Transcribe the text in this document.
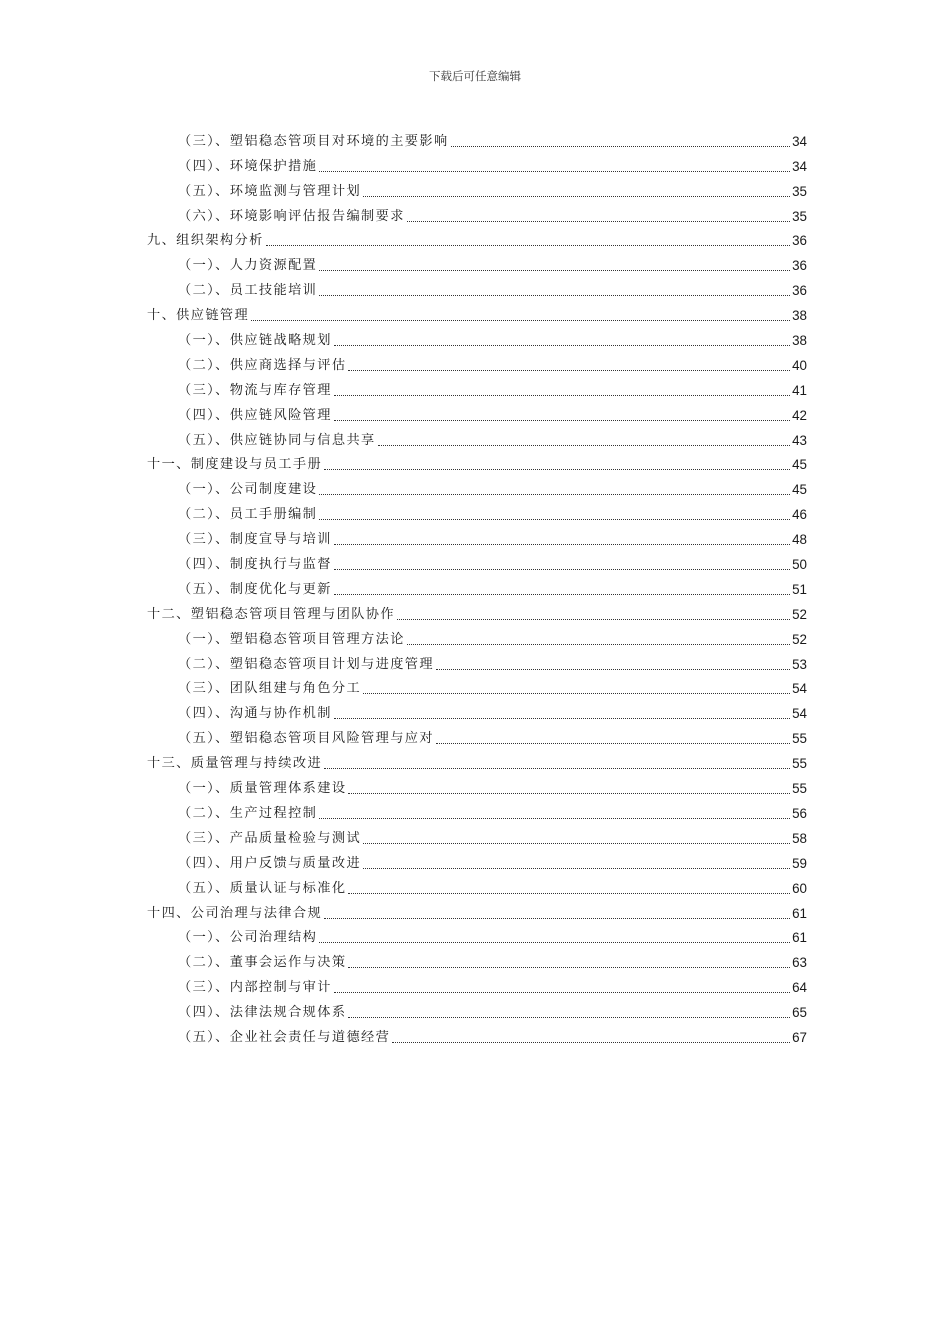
下载后可任意编辑
（三）、塑铝稳态管项目对环境的主要影响	34
（四）、环境保护措施	34
（五）、环境监测与管理计划	35
（六）、环境影响评估报告编制要求	35
九、组织架构分析	36
（一）、人力资源配置	36
（二）、员工技能培训	36
十、供应链管理	38
（一）、供应链战略规划	38
（二）、供应商选择与评估	40
（三）、物流与库存管理	41
（四）、供应链风险管理	42
（五）、供应链协同与信息共享	43
十一、制度建设与员工手册	45
（一）、公司制度建设	45
（二）、员工手册编制	46
（三）、制度宣导与培训	48
（四）、制度执行与监督	50
（五）、制度优化与更新	51
十二、塑铝稳态管项目管理与团队协作	52
（一）、塑铝稳态管项目管理方法论	52
（二）、塑铝稳态管项目计划与进度管理	53
（三）、团队组建与角色分工	54
（四）、沟通与协作机制	54
（五）、塑铝稳态管项目风险管理与应对	55
十三、质量管理与持续改进	55
（一）、质量管理体系建设	55
（二）、生产过程控制	56
（三）、产品质量检验与测试	58
（四）、用户反馈与质量改进	59
（五）、质量认证与标准化	60
十四、公司治理与法律合规	61
（一）、公司治理结构	61
（二）、董事会运作与决策	63
（三）、内部控制与审计	64
（四）、法律法规合规体系	65
（五）、企业社会责任与道德经营	67
